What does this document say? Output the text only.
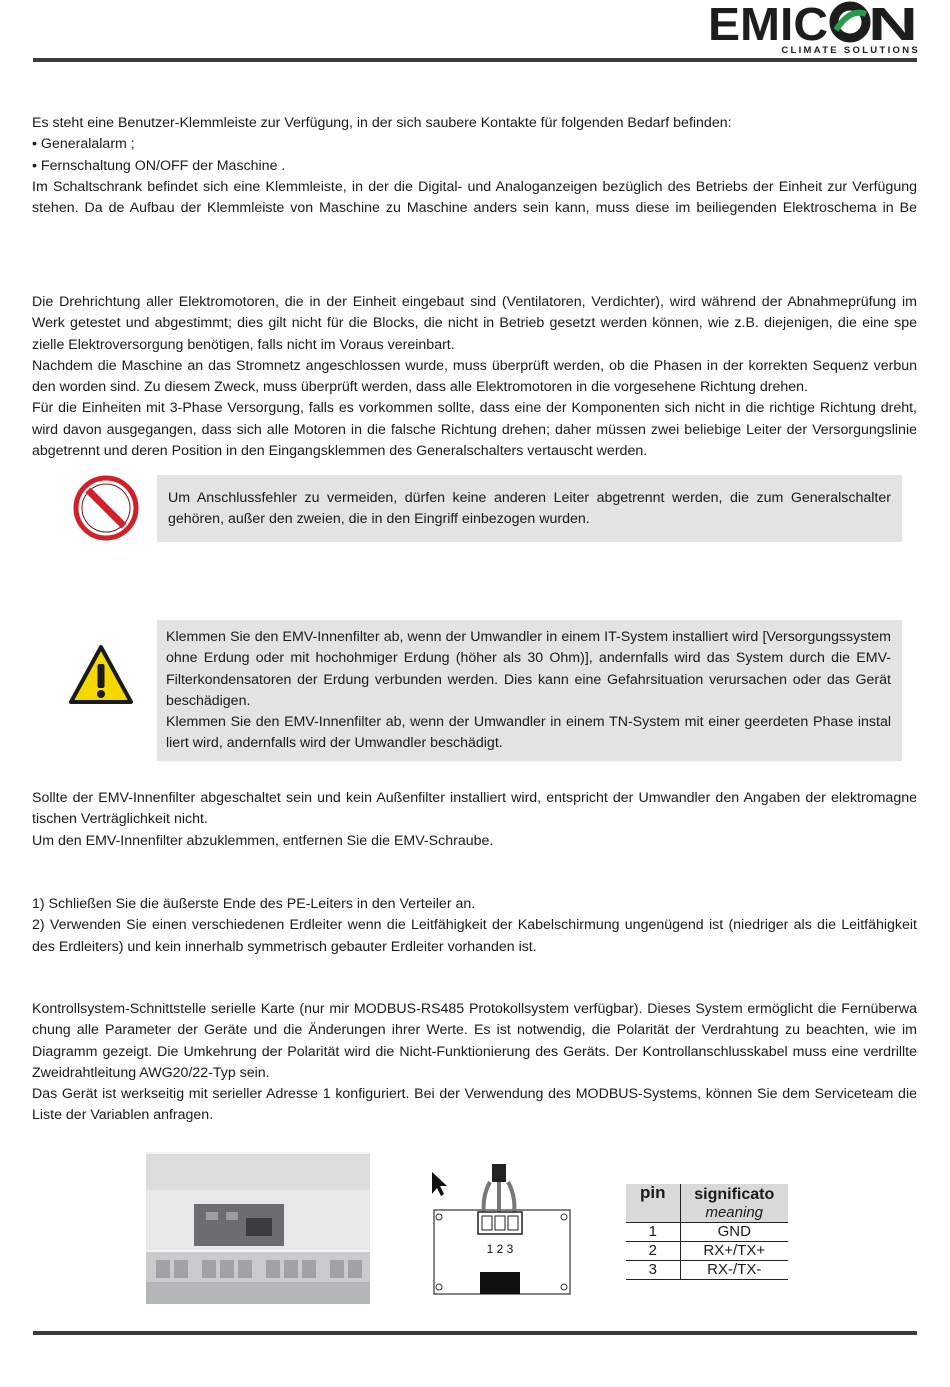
EMIC N
CLIMATE SOLUTIONS

Es steht eine Benutzer-Klemmleiste zur Verfügung, in der sich saubere Kontakte für folgenden Bedarf befinden:

• Generalalarm ;

• Fernschaltung ON/OFF der Maschine .

Im Schaltschrank befindet sich eine Klemmleiste, in der die Digital- und Analoganzeigen bezüglich des Betriebs der Einheit zur Verfügung stehen. Da de Aufbau der Klemmleiste von Maschine zu Maschine anders sein kann, muss diese im beiliegenden Elektroschema in Be

Die Drehrichtung aller Elektromotoren, die in der Einheit eingebaut sind (Ventilatoren, Verdichter), wird während der Abnahmeprüfung im Werk getestet und abgestimmt; dies gilt nicht für die Blocks, die nicht in Betrieb gesetzt werden können, wie z.B. diejenigen, die eine spe zielle Elektroversorgung benötigen, falls nicht im Voraus vereinbart.

Nachdem die Maschine an das Stromnetz angeschlossen wurde, muss überprüft werden, ob die Phasen in der korrekten Sequenz verbun den worden sind. Zu diesem Zweck, muss überprüft werden, dass alle Elektromotoren in die vorgesehene Richtung drehen.

Für die Einheiten mit 3-Phase Versorgung, falls es vorkommen sollte, dass eine der Komponenten sich nicht in die richtige Richtung dreht, wird davon ausgegangen, dass sich alle Motoren in die falsche Richtung drehen; daher müssen zwei beliebige Leiter der Versorgungslinie abgetrennt und deren Position in den Eingangsklemmen des Generalschalters vertauscht werden.

Um Anschlussfehler zu vermeiden, dürfen keine anderen Leiter abgetrennt werden, die zum Generalschalter gehören, außer den zweien, die in den Eingriff einbezogen wurden.

Klemmen Sie den EMV-Innenfilter ab, wenn der Umwandler in einem IT-System installiert wird [Versorgungssystem ohne Erdung oder mit hochohmiger Erdung (höher als 30 Ohm)], andernfalls wird das System durch die EMV-Filterkondensatoren der Erdung verbunden werden. Dies kann eine Gefahrsituation verursachen oder das Gerät beschädigen.

Klemmen Sie den EMV-Innenfilter ab, wenn der Umwandler in einem TN-System mit einer geerdeten Phase instal liert wird, andernfalls wird der Umwandler beschädigt.

Sollte der EMV-Innenfilter abgeschaltet sein und kein Außenfilter installiert wird, entspricht der Umwandler den Angaben der elektromagne tischen Verträglichkeit nicht.

Um den EMV-Innenfilter abzuklemmen, entfernen Sie die EMV-Schraube.

1) Schließen Sie die äußerste Ende des PE-Leiters in den Verteiler an.

2) Verwenden Sie einen verschiedenen Erdleiter wenn die Leitfähigkeit der Kabelschirmung ungenügend ist (niedriger als die Leitfähigkeit des Erdleiters) und kein innerhalb symmetrisch gebauter Erdleiter vorhanden ist.

Kontrollsystem-Schnittstelle serielle Karte (nur mir MODBUS-RS485 Protokollsystem verfügbar). Dieses System ermöglicht die Fernüberwa chung alle Parameter der Geräte und die Änderungen ihrer Werte. Es ist notwendig, die Polarität der Verdrahtung zu beachten, wie im Diagramm gezeigt. Die Umkehrung der Polarität wird die Nicht-Funktionierung des Geräts. Der Kontrollanschlusskabel muss eine verdrillte Zweidrahtleitung AWG20/22-Typ sein.

Das Gerät ist werkseitig mit serieller Adresse 1 konfiguriert. Bei der Verwendung des MODBUS-Systems, können Sie dem Serviceteam die Liste der Variablen anfragen.

1 2 3
pin	significato
meaning

1	GND
2	RX+/TX+
3	RX-/TX-
